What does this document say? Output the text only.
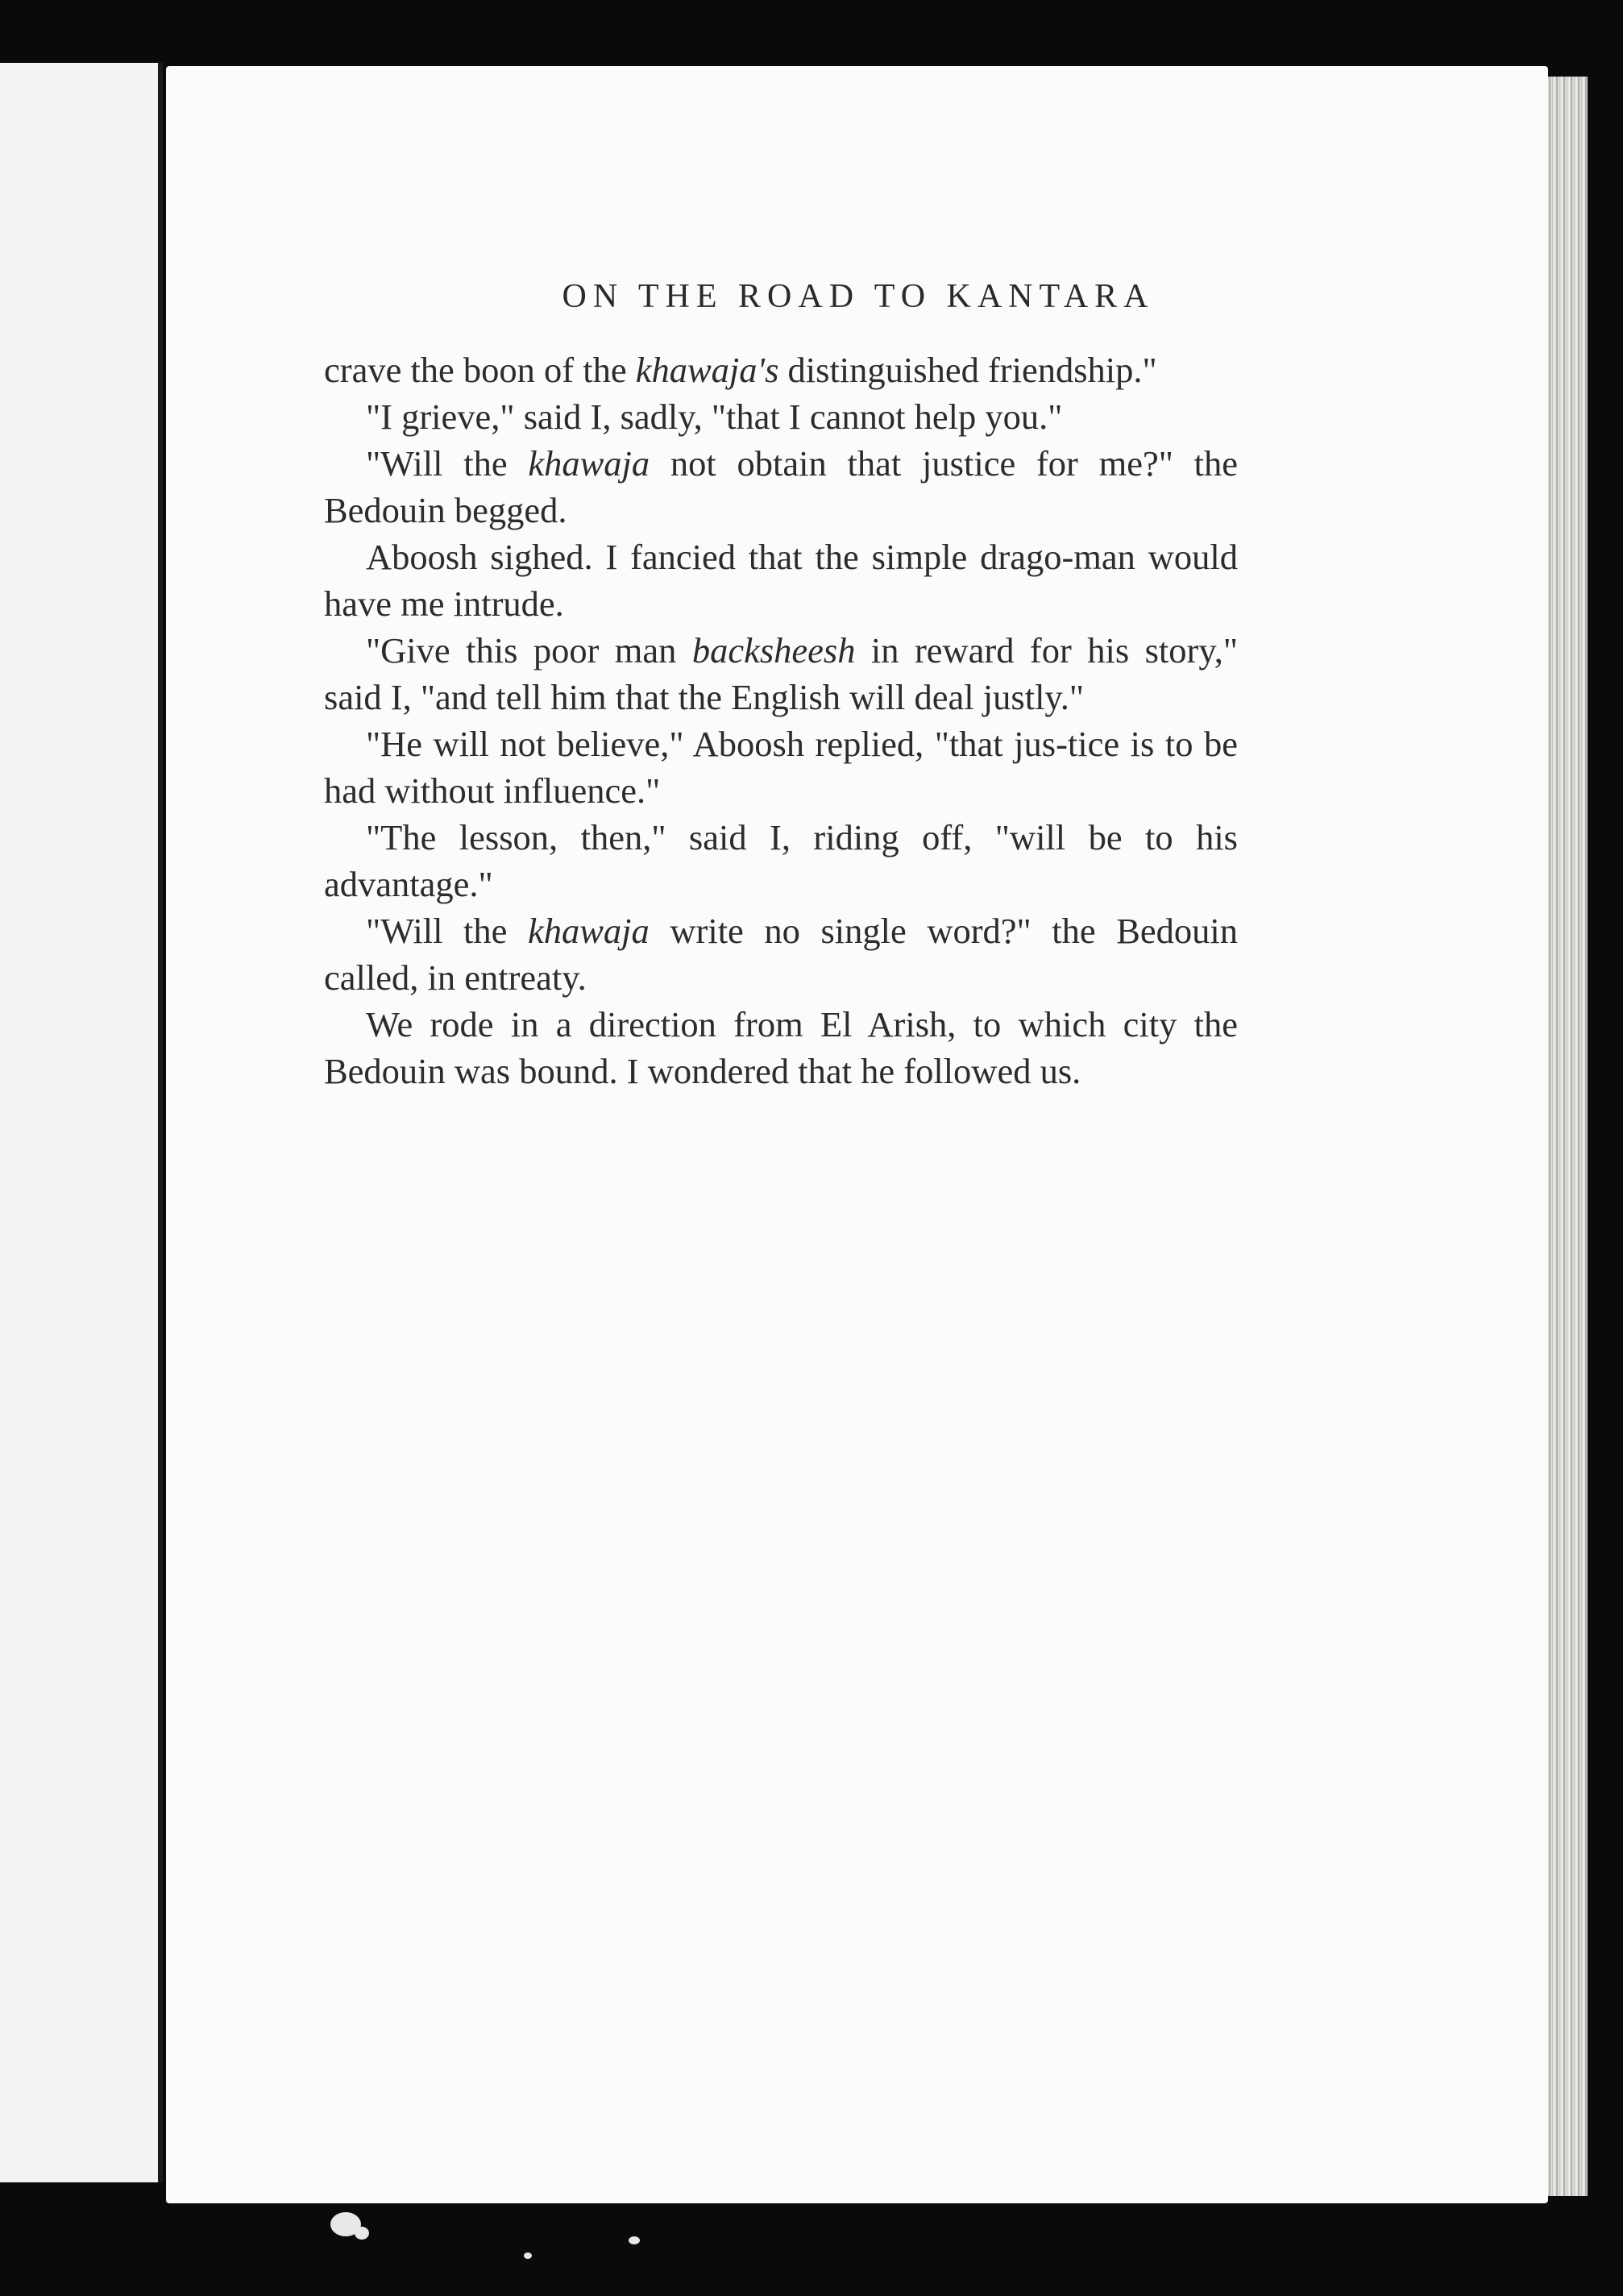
ON THE ROAD TO KANTARA

crave the boon of the khawaja's distinguished friendship."

"I grieve," said I, sadly, "that I cannot help you."

"Will the khawaja not obtain that justice for me?" the Bedouin begged.

Aboosh sighed. I fancied that the simple drago-man would have me intrude.

"Give this poor man backsheesh in reward for his story," said I, "and tell him that the English will deal justly."

"He will not believe," Aboosh replied, "that jus-tice is to be had without influence."

"The lesson, then," said I, riding off, "will be to his advantage."

"Will the khawaja write no single word?" the Bedouin called, in entreaty.

We rode in a direction from El Arish, to which city the Bedouin was bound. I wondered that he followed us.
